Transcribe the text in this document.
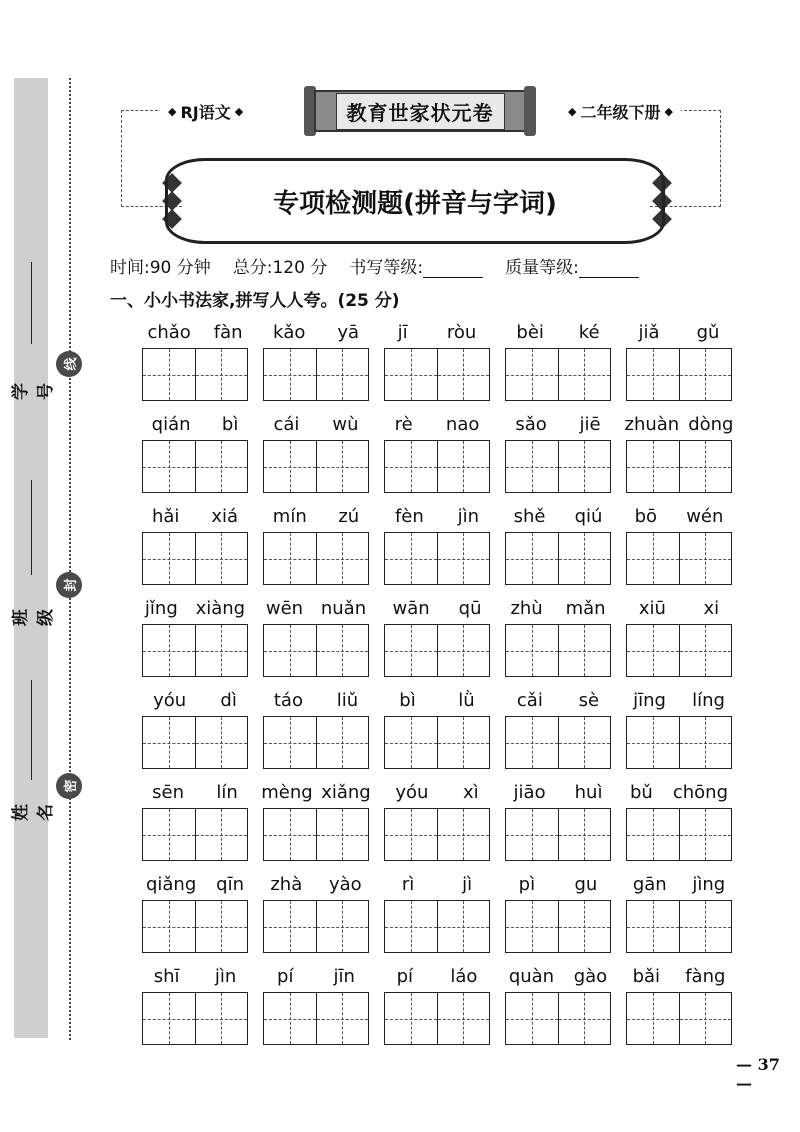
学号
班级
姓名
线
封
密
◆ RJ语文 ◆	◆ 二年级下册 ◆
教育世家状元卷
专项检测题(拼音与字词)
时间:90 分钟 总分:120 分 书写等级:	质量等级:
一、小小书法家,拼写人人夸。(25 分)
chǎo fàn kǎo yā jī ròu bèi ké jiǎ gǔ
qián bì cái wù rè nao sǎo jiē zhuàn dòng
hǎi xiá mín zú fèn jìn shě qiú bō wén
jǐng xiàng wēn nuǎn wān qū zhù mǎn xiū xi
yóu dì táo liǔ bì lǜ cǎi sè jīng líng
sēn lín mèng xiǎng yóu xì jiāo huì bǔ chōng
qiǎng qīn zhà yào rì	jì	pì gu gān jìng
shī jìn pí jīn pí láo quàn gào bǎi fàng
— 37 —
